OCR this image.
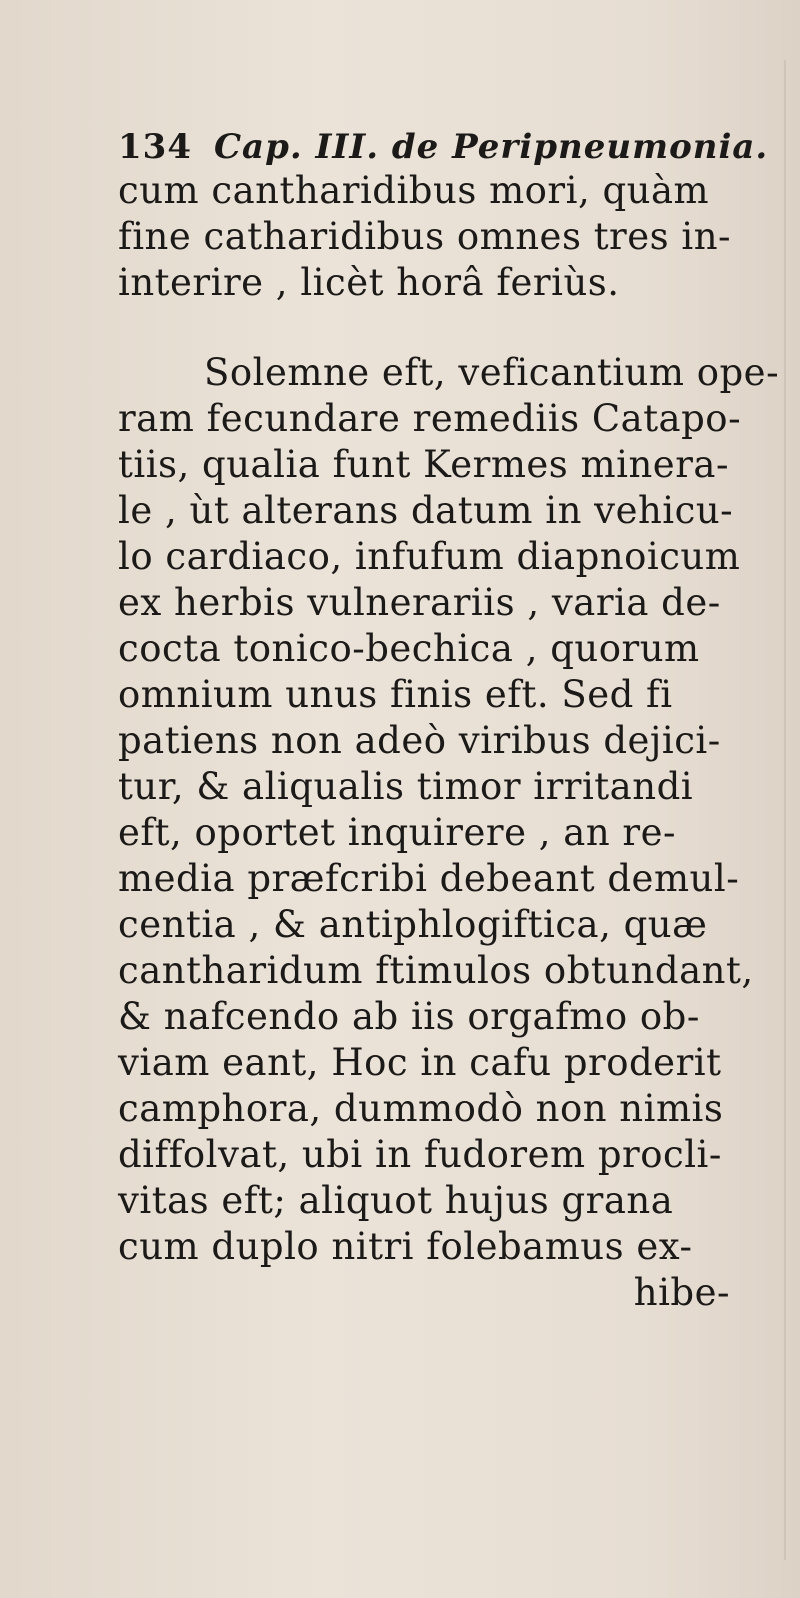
134 Cap. III. de Peripneumonia.
cum cantharidibus mori, quàm
fine catharidibus omnes tres in-
interire , licèt horâ feriùs.
Solemne eft, veficantium ope-
ram fecundare remediis Catapo-
tiis, qualia funt Kermes minera-
le , ùt alterans datum in vehicu-
lo cardiaco, infufum diapnoicum
ex herbis vulnerariis , varia de-
cocta tonico-bechica , quorum
omnium unus finis eft. Sed fi
patiens non adeò viribus dejici-
tur, & aliqualis timor irritandi
eft, oportet inquirere , an re-
media præfcribi debeant demul-
centia , & antiphlogiftica, quæ
cantharidum ftimulos obtundant,
& nafcendo ab iis orgafmo ob-
viam eant, Hoc in cafu proderit
camphora, dummodò non nimis
diffolvat, ubi in fudorem procli-
vitas eft; aliquot hujus grana
cum duplo nitri folebamus ex-
hibe-
